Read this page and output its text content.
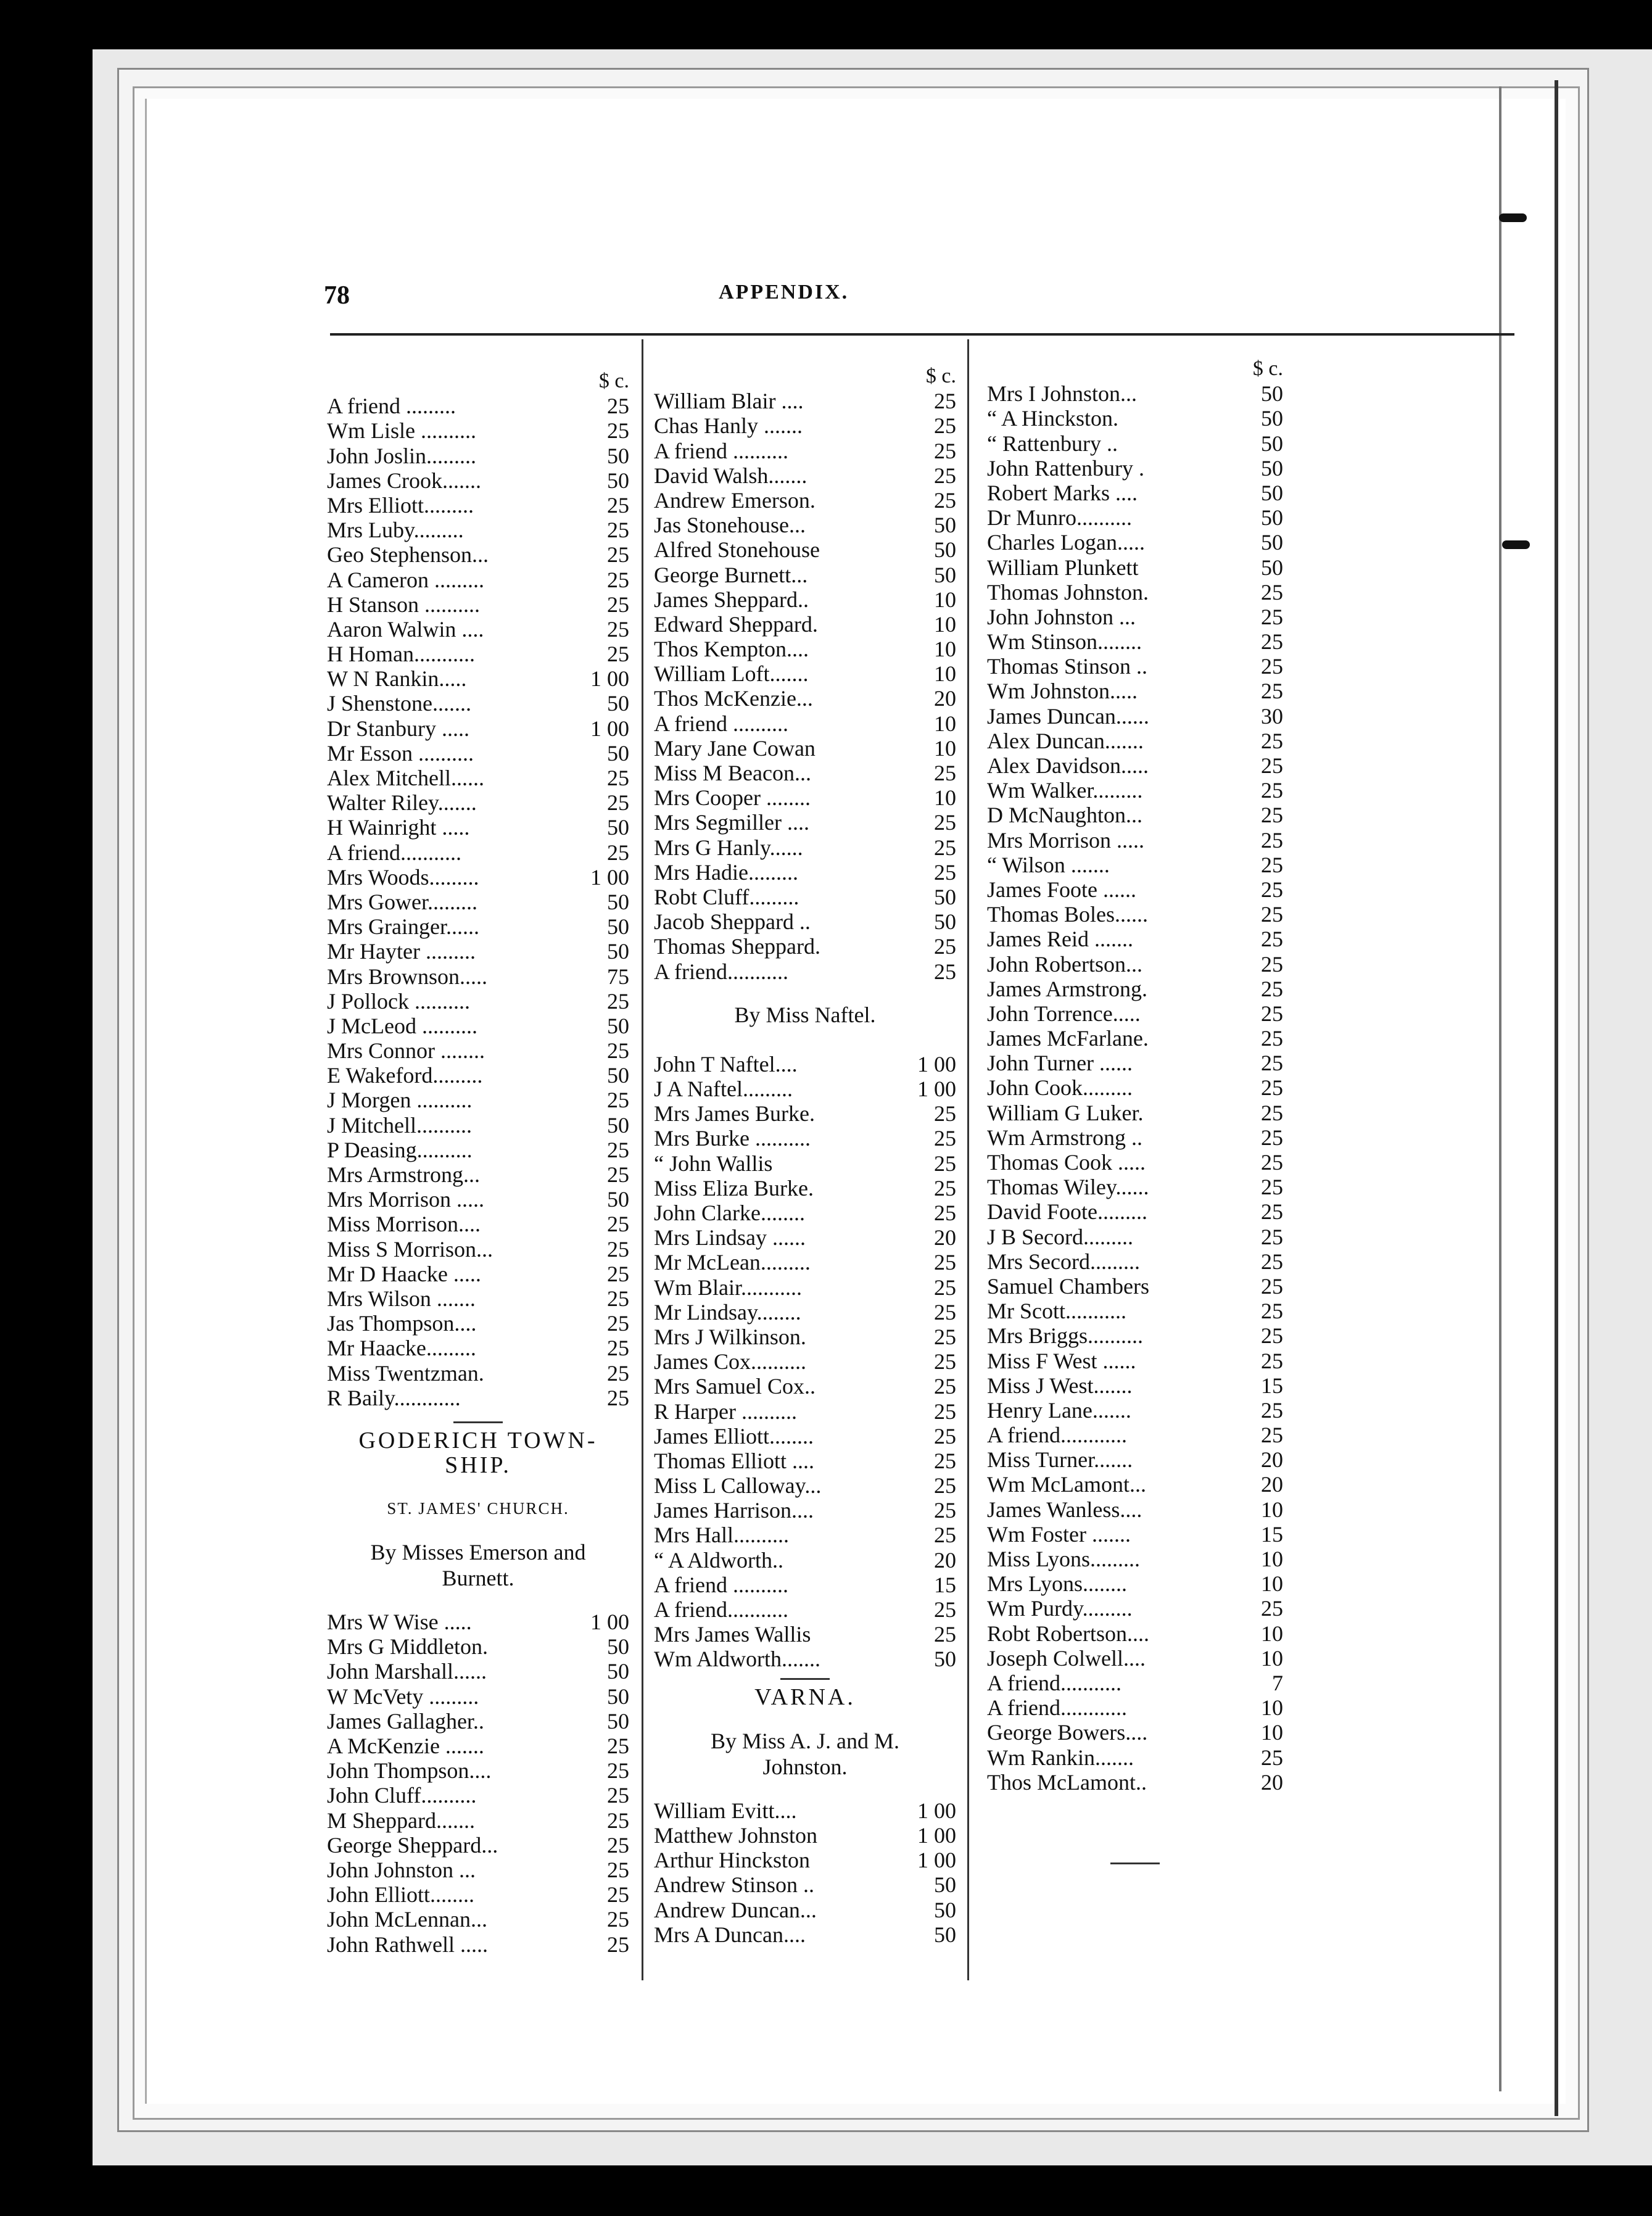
78	APPENDIX.
$ c.
A friend .........	25
Wm Lisle ..........	25
John Joslin.........	50
James Crook.......	50
Mrs Elliott.........	25
Mrs Luby.........	25
Geo Stephenson...	25
A Cameron .........	25
H Stanson ..........	25
Aaron Walwin ....	25
H Homan...........	25
W N Rankin.....	1 00
J Shenstone.......	50
Dr Stanbury .....	1 00
Mr Esson ..........	50
Alex Mitchell......	25
Walter Riley.......	25
H Wainright .....	50
A friend...........	25
Mrs Woods.........	1 00
Mrs Gower.........	50
Mrs Grainger......	50
Mr Hayter .........	50
Mrs Brownson.....	75
J Pollock ..........	25
J McLeod ..........	50
Mrs Connor ........	25
E Wakeford.........	50
J Morgen ..........	25
J Mitchell..........	50
P Deasing..........	25
Mrs Armstrong...	25
Mrs Morrison .....	50
Miss Morrison....	25
Miss S Morrison...	25
Mr D Haacke .....	25
Mrs Wilson .......	25
Jas Thompson....	25
Mr Haacke.........	25
Miss Twentzman.	25
R Baily............	25
GODERICH TOWN-SHIP.
ST. JAMES' CHURCH.
By Misses Emerson and Burnett.
Mrs W Wise .....	1 00
Mrs G Middleton.	50
John Marshall......	50
W McVety .........	50
James Gallagher..	50
A McKenzie .......	25
John Thompson....	25
John Cluff..........	25
M Sheppard.......	25
George Sheppard...	25
John Johnston ...	25
John Elliott........	25
John McLennan...	25
John Rathwell .....	25
$ c.
William Blair ....	25
Chas Hanly .......	25
A friend ..........	25
David Walsh.......	25
Andrew Emerson.	25
Jas Stonehouse...	50
Alfred Stonehouse	50
George Burnett...	50
James Sheppard..	10
Edward Sheppard.	10
Thos Kempton....	10
William Loft.......	10
Thos McKenzie...	20
A friend ..........	10
Mary Jane Cowan	10
Miss M Beacon...	25
Mrs Cooper ........	10
Mrs Segmiller ....	25
Mrs G Hanly......	25
Mrs Hadie.........	25
Robt Cluff.........	50
Jacob Sheppard ..	50
Thomas Sheppard.	25
A friend...........	25
By Miss Naftel.
John T Naftel....	1 00
J A Naftel.........	1 00
Mrs James Burke.	25
Mrs Burke ..........	25
“ John Wallis	25
Miss Eliza Burke.	25
John Clarke........	25
Mrs Lindsay ......	20
Mr McLean.........	25
Wm Blair...........	25
Mr Lindsay........	25
Mrs J Wilkinson.	25
James Cox..........	25
Mrs Samuel Cox..	25
R Harper ..........	25
James Elliott........	25
Thomas Elliott ....	25
Miss L Calloway...	25
James Harrison....	25
Mrs Hall..........	25
“ A Aldworth..	20
A friend ..........	15
A friend...........	25
Mrs James Wallis	25
Wm Aldworth.......	50
VARNA.
By Miss A. J. and M. Johnston.
William Evitt....	1 00
Matthew Johnston	1 00
Arthur Hinckston	1 00
Andrew Stinson ..	50
Andrew Duncan...	50
Mrs A Duncan....	50
$ c.
Mrs I Johnston...	50
“ A Hinckston.	50
“ Rattenbury ..	50
John Rattenbury .	50
Robert Marks ....	50
Dr Munro..........	50
Charles Logan.....	50
William Plunkett	50
Thomas Johnston.	25
John Johnston ...	25
Wm Stinson........	25
Thomas Stinson ..	25
Wm Johnston.....	25
James Duncan......	30
Alex Duncan.......	25
Alex Davidson.....	25
Wm Walker.........	25
D McNaughton...	25
Mrs Morrison .....	25
“ Wilson .......	25
James Foote ......	25
Thomas Boles......	25
James Reid .......	25
John Robertson...	25
James Armstrong.	25
John Torrence.....	25
James McFarlane.	25
John Turner ......	25
John Cook.........	25
William G Luker.	25
Wm Armstrong ..	25
Thomas Cook .....	25
Thomas Wiley......	25
David Foote.........	25
J B Secord.........	25
Mrs Secord.........	25
Samuel Chambers	25
Mr Scott...........	25
Mrs Briggs..........	25
Miss F West ......	25
Miss J West.......	15
Henry Lane.......	25
A friend............	25
Miss Turner.......	20
Wm McLamont...	20
James Wanless....	10
Wm Foster .......	15
Miss Lyons.........	10
Mrs Lyons........	10
Wm Purdy.........	25
Robt Robertson....	10
Joseph Colwell....	10
A friend...........	7
A friend............	10
George Bowers....	10
Wm Rankin.......	25
Thos McLamont..	20
